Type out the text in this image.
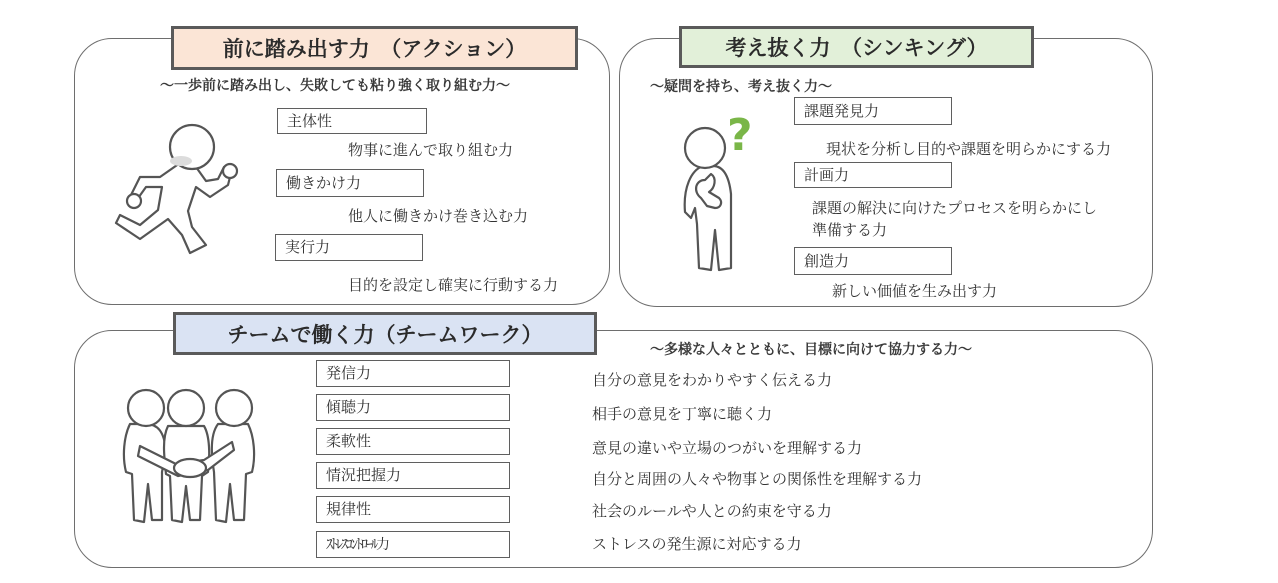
前に踏み出す力　（アクション）
～一歩前に踏み出し、失敗しても粘り強く取り組む力～
主体性
物事に進んで取り組む力
働きかけ力
他人に働きかけ巻き込む力
実行力
目的を設定し確実に行動する力
考え抜く力　（シンキング）
～疑問を持ち、考え抜く力～
?	課題発見力
現状を分析し目的や課題を明らかにする力
計画力
課題の解決に向けたプロセスを明らかにし
準備する力
創造力
新しい価値を生み出す力
チームで働く力（チームワーク）
～多様な人々とともに、目標に向けて協力する力～
発信力	自分の意見をわかりやすく伝える力
傾聴力	相手の意見を丁寧に聴く力
柔軟性	意見の違いや立場のつがいを理解する力
情況把握力	自分と周囲の人々や物事との関係性を理解する力
規律性	社会のルールや人との約束を守る力
ｽﾄﾚｽｺﾝﾄﾛｰﾙ力	ストレスの発生源に対応する力
